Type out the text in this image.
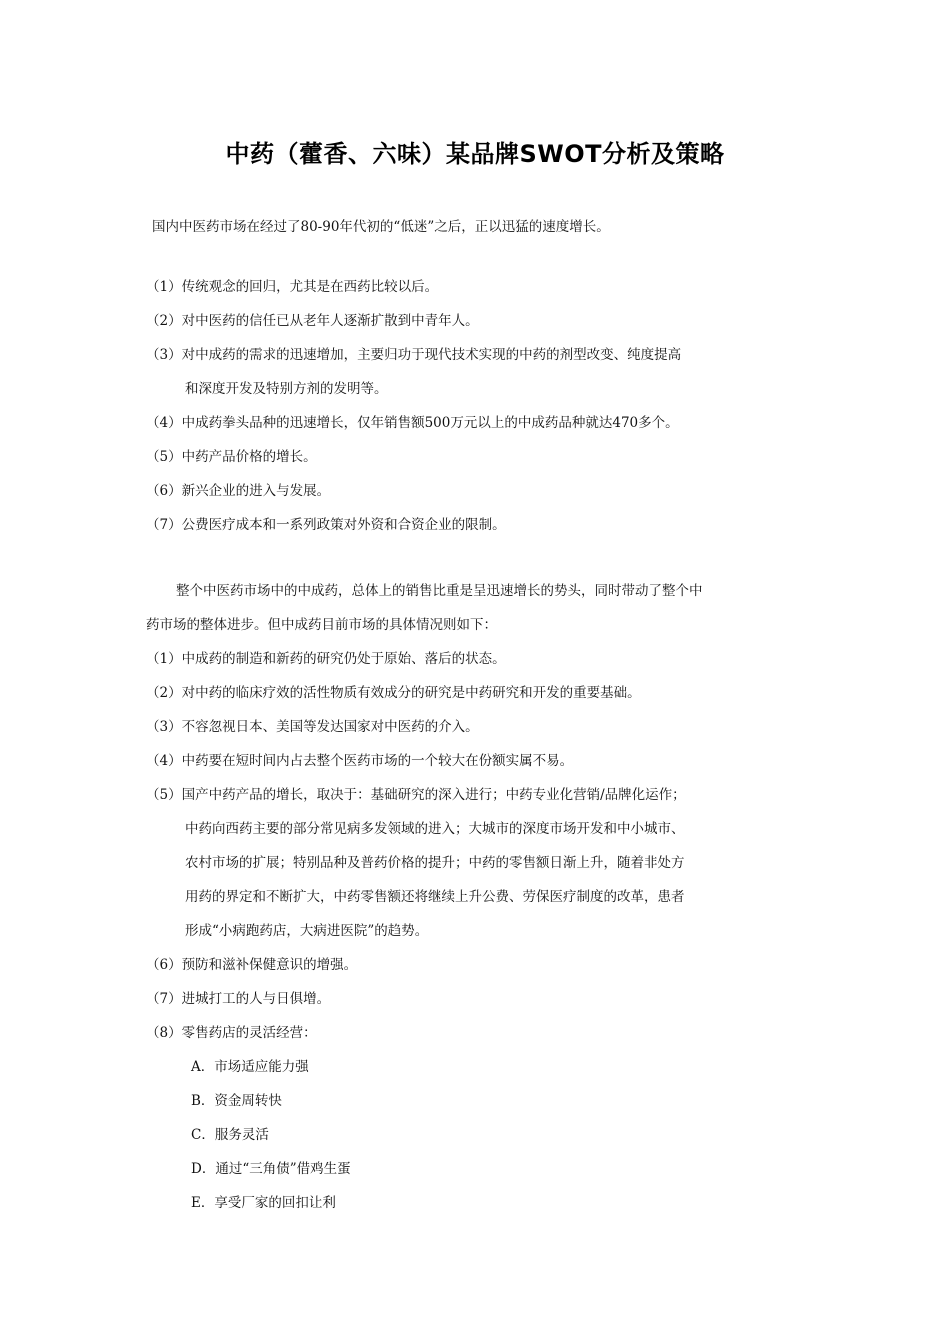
中药（藿香、六味）某品牌SWOT分析及策略
国内中医药市场在经过了80-90年代初的“低迷”之后，正以迅猛的速度增长。
（1）传统观念的回归，尤其是在西药比较以后。
（2）对中医药的信任已从老年人逐渐扩散到中青年人。
（3）对中成药的需求的迅速增加，主要归功于现代技术实现的中药的剂型改变、纯度提高
和深度开发及特别方剂的发明等。
（4）中成药拳头品种的迅速增长，仅年销售额500万元以上的中成药品种就达470多个。
（5）中药产品价格的增长。
（6）新兴企业的进入与发展。
（7）公费医疗成本和一系列政策对外资和合资企业的限制。
整个中医药市场中的中成药，总体上的销售比重是呈迅速增长的势头，同时带动了整个中
药市场的整体进步。但中成药目前市场的具体情况则如下：
（1）中成药的制造和新药的研究仍处于原始、落后的状态。
（2）对中药的临床疗效的活性物质有效成分的研究是中药研究和开发的重要基础。
（3）不容忽视日本、美国等发达国家对中医药的介入。
（4）中药要在短时间内占去整个医药市场的一个较大在份额实属不易。
（5）国产中药产品的增长，取决于：基础研究的深入进行；中药专业化营销/品牌化运作；
中药向西药主要的部分常见病多发领域的进入；大城市的深度市场开发和中小城市、
农村市场的扩展；特别品种及普药价格的提升；中药的零售额日渐上升，随着非处方
用药的界定和不断扩大，中药零售额还将继续上升公费、劳保医疗制度的改革，患者
形成“小病跑药店，大病进医院”的趋势。
（6）预防和滋补保健意识的增强。
（7）进城打工的人与日俱增。
（8）零售药店的灵活经营：
A．市场适应能力强
B．资金周转快
C．服务灵活
D．通过“三角债”借鸡生蛋
E．享受厂家的回扣让利
